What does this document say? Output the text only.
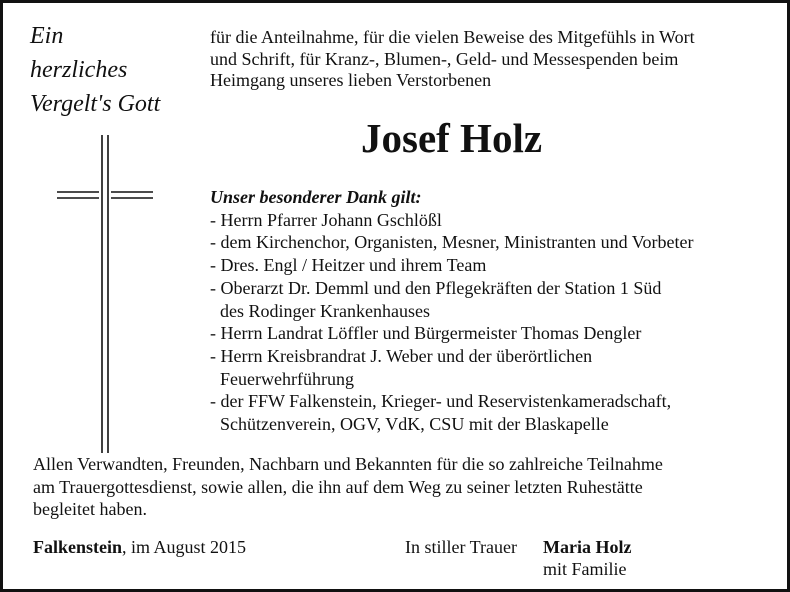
Ein
herzliches
Vergelt's Gott
für die Anteilnahme, für die vielen Beweise des Mitgefühls in Wort
und Schrift, für Kranz-, Blumen-, Geld- und Messespenden beim
Heimgang unseres lieben Verstorbenen
Josef Holz
Unser besonderer Dank gilt:
- Herrn Pfarrer Johann Gschlößl
- dem Kirchenchor, Organisten, Mesner, Ministranten und Vorbeter
- Dres. Engl / Heitzer und ihrem Team
- Oberarzt Dr. Demml und den Pflegekräften der Station 1 Süd
des Rodinger Krankenhauses
- Herrn Landrat Löffler und Bürgermeister Thomas Dengler
- Herrn Kreisbrandrat J. Weber und der überörtlichen
Feuerwehrführung
- der FFW Falkenstein, Krieger- und Reservistenkameradschaft,
Schützenverein, OGV, VdK, CSU mit der Blaskapelle
Allen Verwandten, Freunden, Nachbarn und Bekannten für die so zahlreiche Teilnahme
am Trauergottesdienst, sowie allen, die ihn auf dem Weg zu seiner letzten Ruhestätte
begleitet haben.
Falkenstein, im August 2015	In stiller Trauer Maria Holz
mit Familie
